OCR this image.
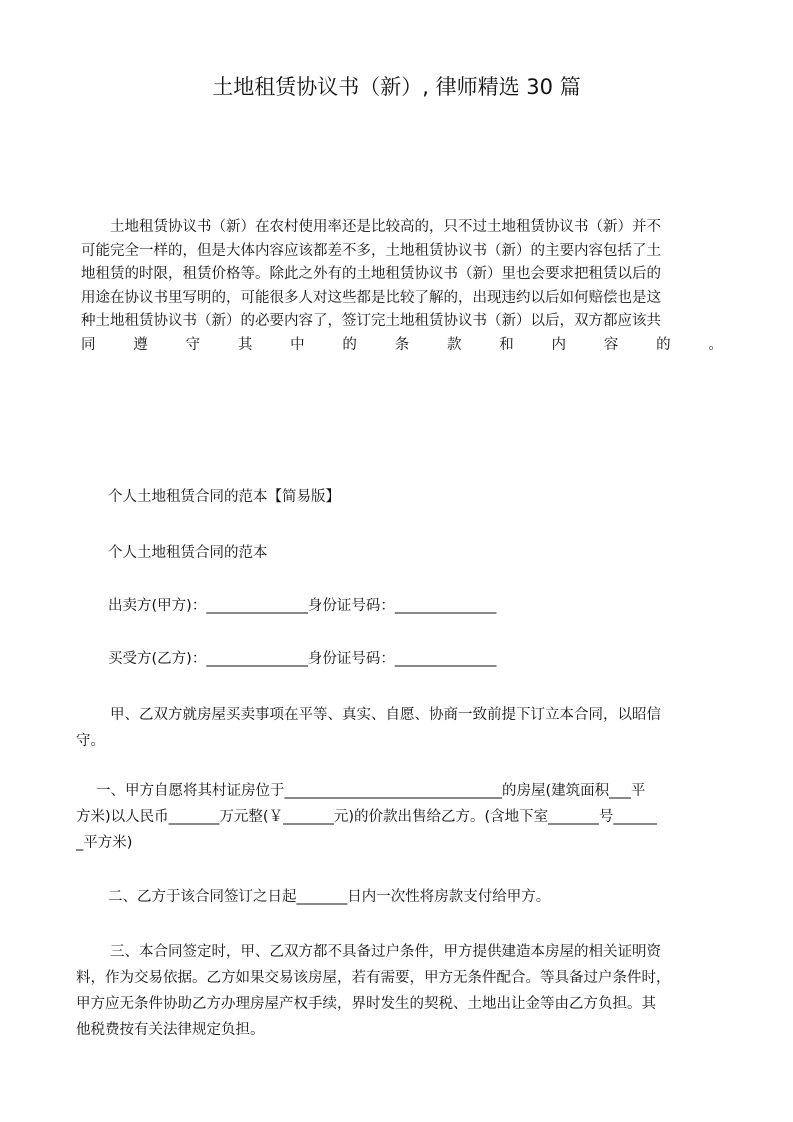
土地租赁协议书（新）, 律师精选 30 篇
土地租赁协议书（新）在农村使用率还是比较高的，只不过土地租赁协议书（新）并不
可能完全一样的，但是大体内容应该都差不多，土地租赁协议书（新）的主要内容包括了土
地租赁的时限，租赁价格等。除此之外有的土地租赁协议书（新）里也会要求把租赁以后的
用途在协议书里写明的，可能很多人对这些都是比较了解的，出现违约以后如何赔偿也是这
种土地租赁协议书（新）的必要内容了，签订完土地租赁协议书（新）以后，双方都应该共
同	遵	守	其	中	的	条	款	和	内	容	的	。

个人土地租赁合同的范本【简易版】

个人土地租赁合同的范本

出卖方(甲方)：______________身份证号码：______________

买受方(乙方)：______________身份证号码：______________

甲、乙双方就房屋买卖事项在平等、真实、自愿、协商一致前提下订立本合同，以昭信
守。
一、甲方自愿将其村证房位于______________________________的房屋(建筑面积___平
方米)以人民币_______万元整(￥_______元)的价款出售给乙方。(含地下室_______号______
_平方米)

二、乙方于该合同签订之日起_______日内一次性将房款支付给甲方。

三、本合同签定时，甲、乙双方都不具备过户条件，甲方提供建造本房屋的相关证明资
料，作为交易依据。乙方如果交易该房屋，若有需要，甲方无条件配合。等具备过户条件时，
甲方应无条件协助乙方办理房屋产权手续，界时发生的契税、土地出让金等由乙方负担。其
他税费按有关法律规定负担。
